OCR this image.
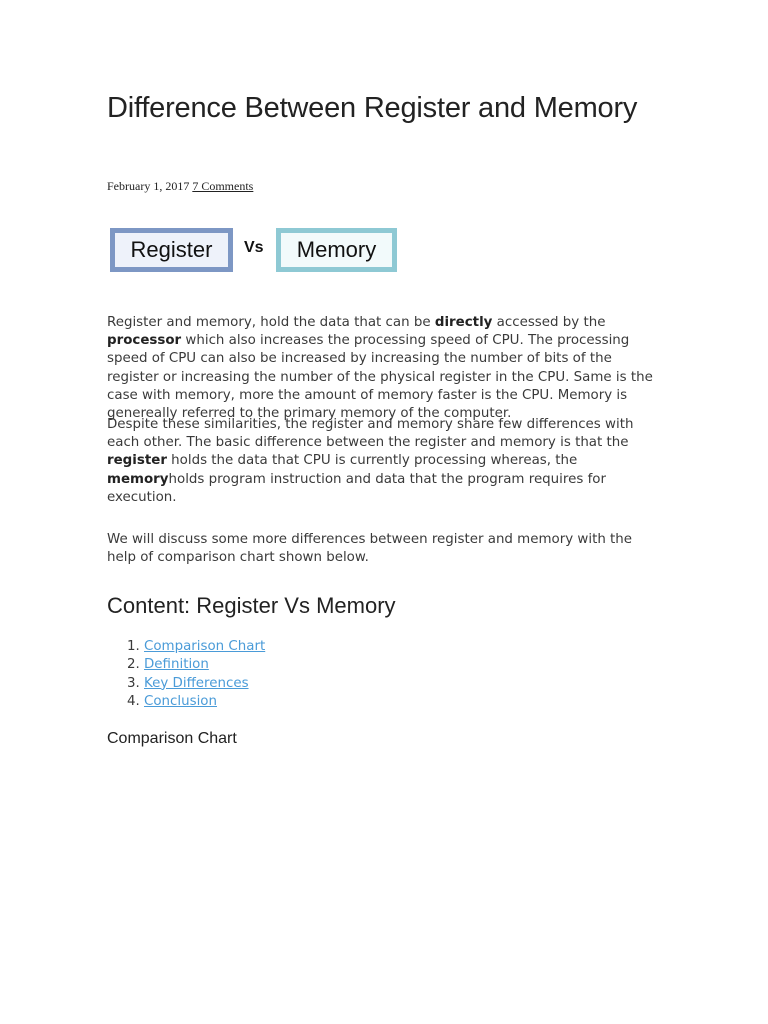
Difference Between Register and Memory
February 1, 2017 7 Comments

Register	Vs	Memory
Register and memory, hold the data that can be directly accessed by the processor which also increases the processing speed of CPU. The processing speed of CPU can also be increased by increasing the number of bits of the register or increasing the number of the physical register in the CPU. Same is the case with memory, more the amount of memory faster is the CPU. Memory is genereally referred to the primary memory of the computer.

Despite these similarities, the register and memory share few differences with each other. The basic difference between the register and memory is that the register holds the data that CPU is currently processing whereas, the memoryholds program instruction and data that the program requires for execution.

We will discuss some more differences between register and memory with the help of comparison chart shown below.

Content: Register Vs Memory
1. Comparison Chart
2. Definition
3. Key Differences
4. Conclusion
Comparison Chart
